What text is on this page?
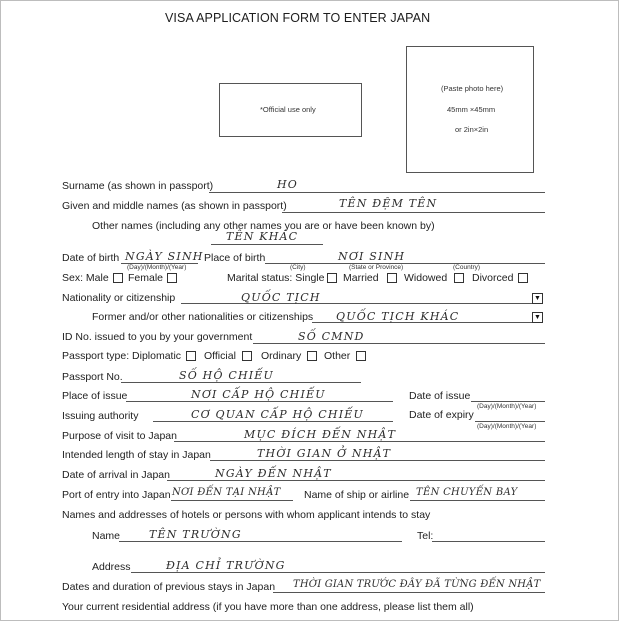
VISA APPLICATION FORM TO ENTER JAPAN
*Official use only
(Paste photo here)
45mm ×45mm
or 2in×2in
Surname (as shown in passport)	HO
Given and middle names (as shown in passport)	TÊN ĐỆM TÊN
Other names (including any other names you are or have been known by)
TÊN KHÁC
Date of birth NGÀY SINH
(Day)/(Month)/(Year)
Place of birth	NƠI SINH
(City)	(State or Province)	(Country)
Sex: Male Female	Marital status: Single Married Widowed Divorced
Nationality or citizenship	QUỐC TỊCH	▼
Former and/or other nationalities or citizenships QUỐC TỊCH KHÁC	▼
ID No. issued to you by your government	SỐ CMND
Passport type: Diplomatic Official Ordinary Other
Passport No.	SỐ HỘ CHIẾU
Place of issue	NƠI CẤP HỘ CHIẾU	Date of issue
(Day)/(Month)/(Year)
Issuing authority	CƠ QUAN CẤP HỘ CHIẾU	Date of expiry
(Day)/(Month)/(Year)
Purpose of visit to Japan	MỤC ĐÍCH ĐẾN NHẬT
Intended length of stay in Japan	THỜI GIAN Ở NHẬT
Date of arrival in Japan	NGÀY ĐẾN NHẬT
Port of entry into Japan NƠI ĐẾN TẠI NHẬT Name of ship or airline TÊN CHUYẾN BAY
Names and addresses of hotels or persons with whom applicant intends to stay
Name	TÊN TRƯỜNG	Tel:
Address	ĐỊA CHỈ TRƯỜNG
Dates and duration of previous stays in Japan THỜI GIAN TRƯỚC ĐÂY ĐÃ TỪNG ĐẾN NHẬT
Your current residential address (if you have more than one address, please list them all)
